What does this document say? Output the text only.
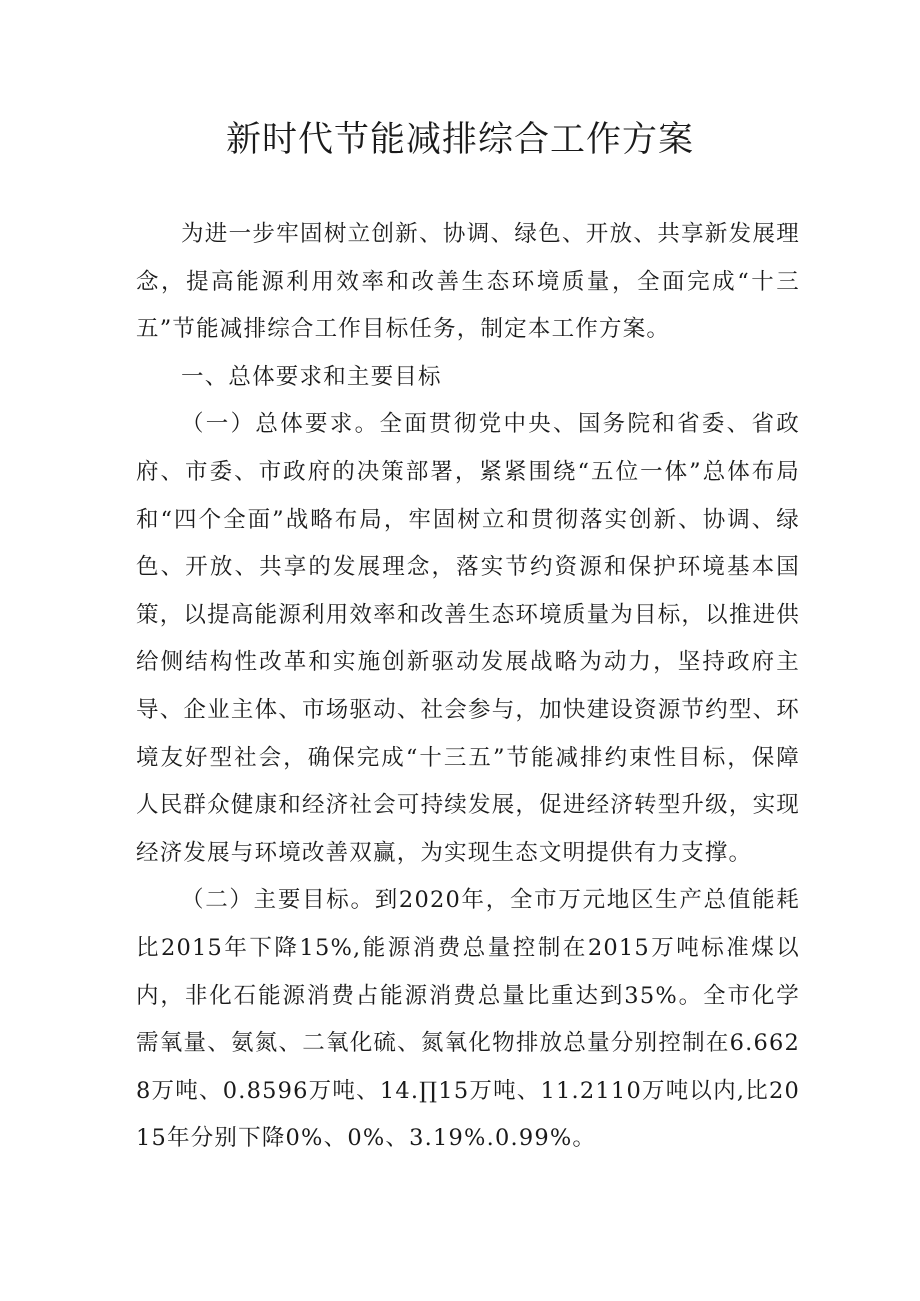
新时代节能减排综合工作方案

为进一步牢固树立创新、协调、绿色、开放、共享新发展理念，提高能源利用效率和改善生态环境质量，全面完成“十三五”节能减排综合工作目标任务，制定本工作方案。

一、总体要求和主要目标

（一）总体要求。全面贯彻党中央、国务院和省委、省政府、市委、市政府的决策部署，紧紧围绕“五位一体”总体布局和“四个全面”战略布局，牢固树立和贯彻落实创新、协调、绿色、开放、共享的发展理念，落实节约资源和保护环境基本国策，以提高能源利用效率和改善生态环境质量为目标，以推进供给侧结构性改革和实施创新驱动发展战略为动力，坚持政府主导、企业主体、市场驱动、社会参与，加快建设资源节约型、环境友好型社会，确保完成“十三五”节能减排约束性目标，保障人民群众健康和经济社会可持续发展，促进经济转型升级，实现经济发展与环境改善双赢，为实现生态文明提供有力支撑。

（二）主要目标。到2020年，全市万元地区生产总值能耗比2015年下降15%,能源消费总量控制在2015万吨标准煤以内，非化石能源消费占能源消费总量比重达到35%。全市化学需氧量、氨氮、二氧化硫、氮氧化物排放总量分别控制在6.6628万吨、0.8596万吨、14.∏15万吨、11.2110万吨以内,比2015年分别下降0%、0%、3.19%.0.99%。
